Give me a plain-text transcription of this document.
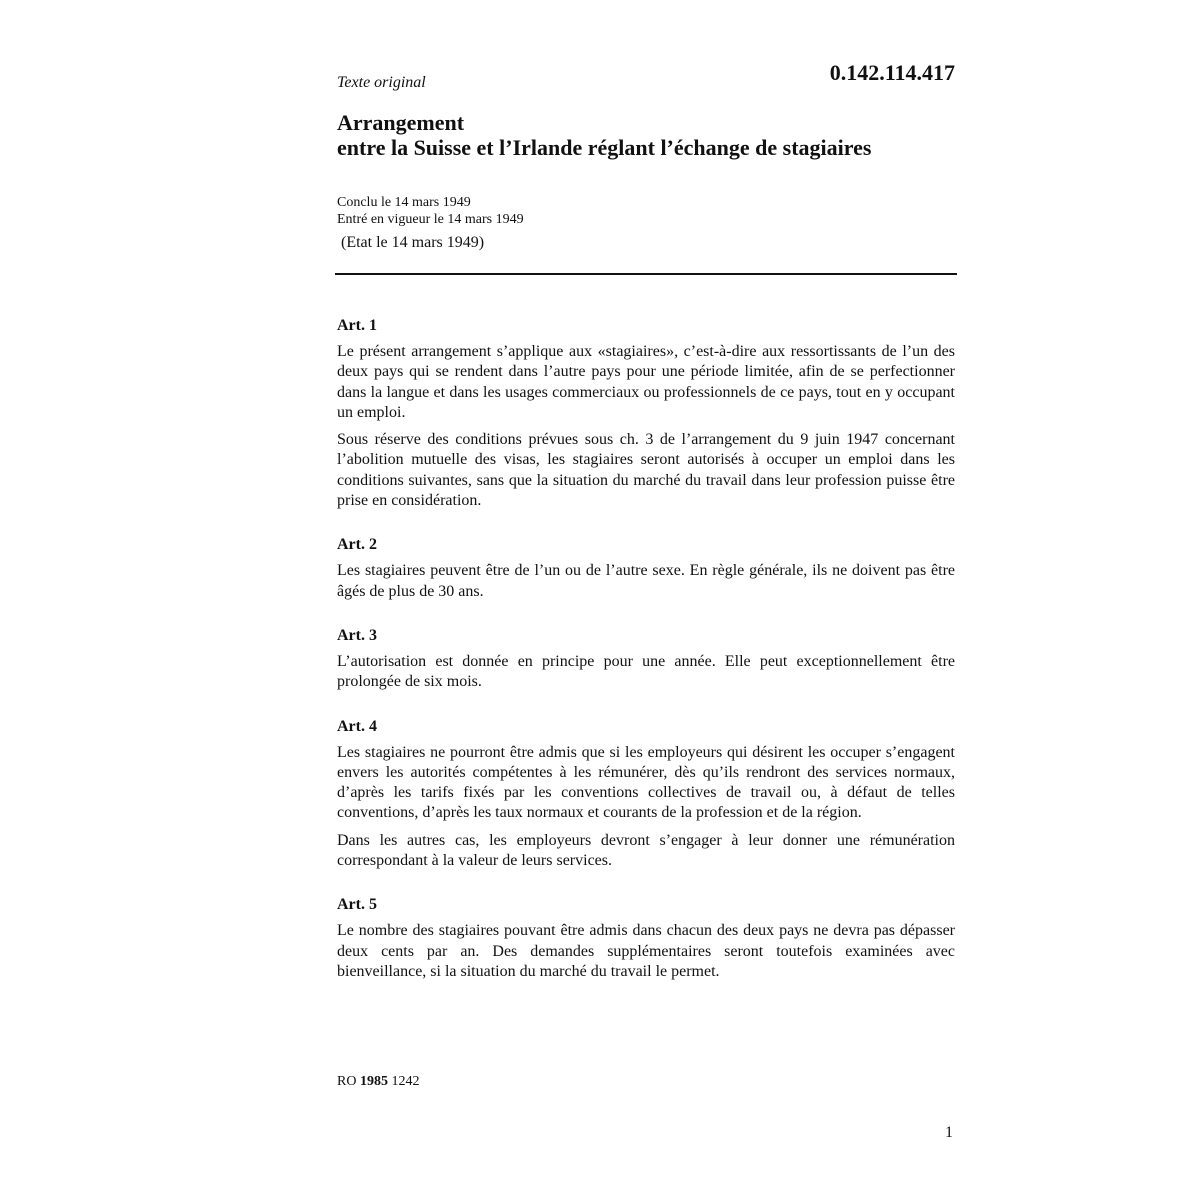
Texte original	0.142.114.417
Arrangement
entre la Suisse et l’Irlande réglant l’échange de stagiaires
Conclu le 14 mars 1949
Entré en vigueur le 14 mars 1949
(Etat le 14 mars 1949)
Art. 1

Le présent arrangement s’applique aux «stagiaires», c’est-à-dire aux ressortissants de l’un des deux pays qui se rendent dans l’autre pays pour une période limitée, afin de se perfectionner dans la langue et dans les usages commerciaux ou professionnels de ce pays, tout en y occupant un emploi.

Sous réserve des conditions prévues sous ch. 3 de l’arrangement du 9 juin 1947 concernant l’abolition mutuelle des visas, les stagiaires seront autorisés à occuper un emploi dans les conditions suivantes, sans que la situation du marché du travail dans leur profession puisse être prise en considération.

Art. 2

Les stagiaires peuvent être de l’un ou de l’autre sexe. En règle générale, ils ne doivent pas être âgés de plus de 30 ans.

Art. 3

L’autorisation est donnée en principe pour une année. Elle peut exceptionnellement être prolongée de six mois.

Art. 4

Les stagiaires ne pourront être admis que si les employeurs qui désirent les occuper s’engagent envers les autorités compétentes à les rémunérer, dès qu’ils rendront des services normaux, d’après les tarifs fixés par les conventions collectives de travail ou, à défaut de telles conventions, d’après les taux normaux et courants de la profession et de la région.

Dans les autres cas, les employeurs devront s’engager à leur donner une rémunération correspondant à la valeur de leurs services.

Art. 5

Le nombre des stagiaires pouvant être admis dans chacun des deux pays ne devra pas dépasser deux cents par an. Des demandes supplémentaires seront toutefois examinées avec bienveillance, si la situation du marché du travail le permet.

RO 1985 1242
1
